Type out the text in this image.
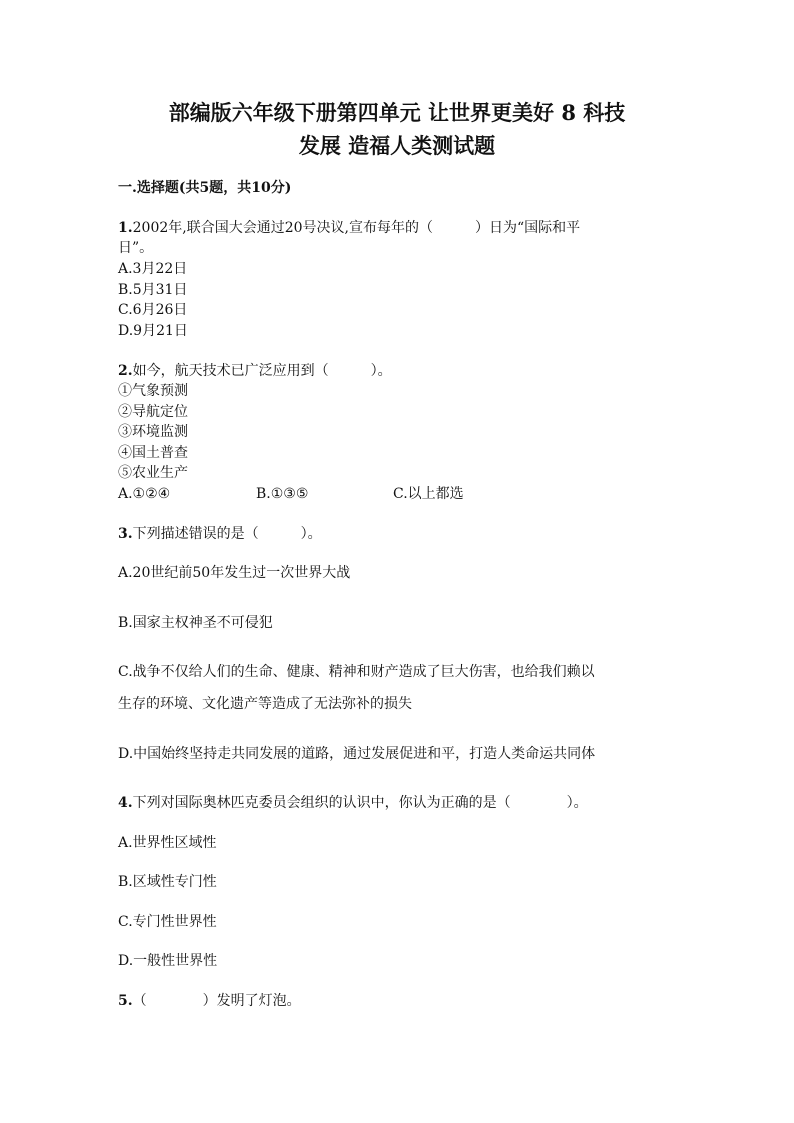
部编版六年级下册第四单元 让世界更美好 8 科技
发展 造福人类测试题
一.选择题(共5题，共10分)
1.2002年,联合国大会通过20号决议,宣布每年的（　　　）日为“国际和平
日”。
A.3月22日
B.5月31日
C.6月26日
D.9月21日
2.如今，航天技术已广泛应用到（　　　）。
①气象预测
②导航定位
③环境监测
④国土普查
⑤农业生产
A.①②④	B.①③⑤	C.以上都选
3.下列描述错误的是（　　　）。
A.20世纪前50年发生过一次世界大战
B.国家主权神圣不可侵犯
C.战争不仅给人们的生命、健康、精神和财产造成了巨大伤害，也给我们赖以
生存的环境、文化遗产等造成了无法弥补的损失
D.中国始终坚持走共同发展的道路，通过发展促进和平，打造人类命运共同体
4.下列对国际奥林匹克委员会组织的认识中，你认为正确的是（　　　　）。
A.世界性区域性
B.区域性专门性
C.专门性世界性
D.一般性世界性
5.（　　　　）发明了灯泡。
